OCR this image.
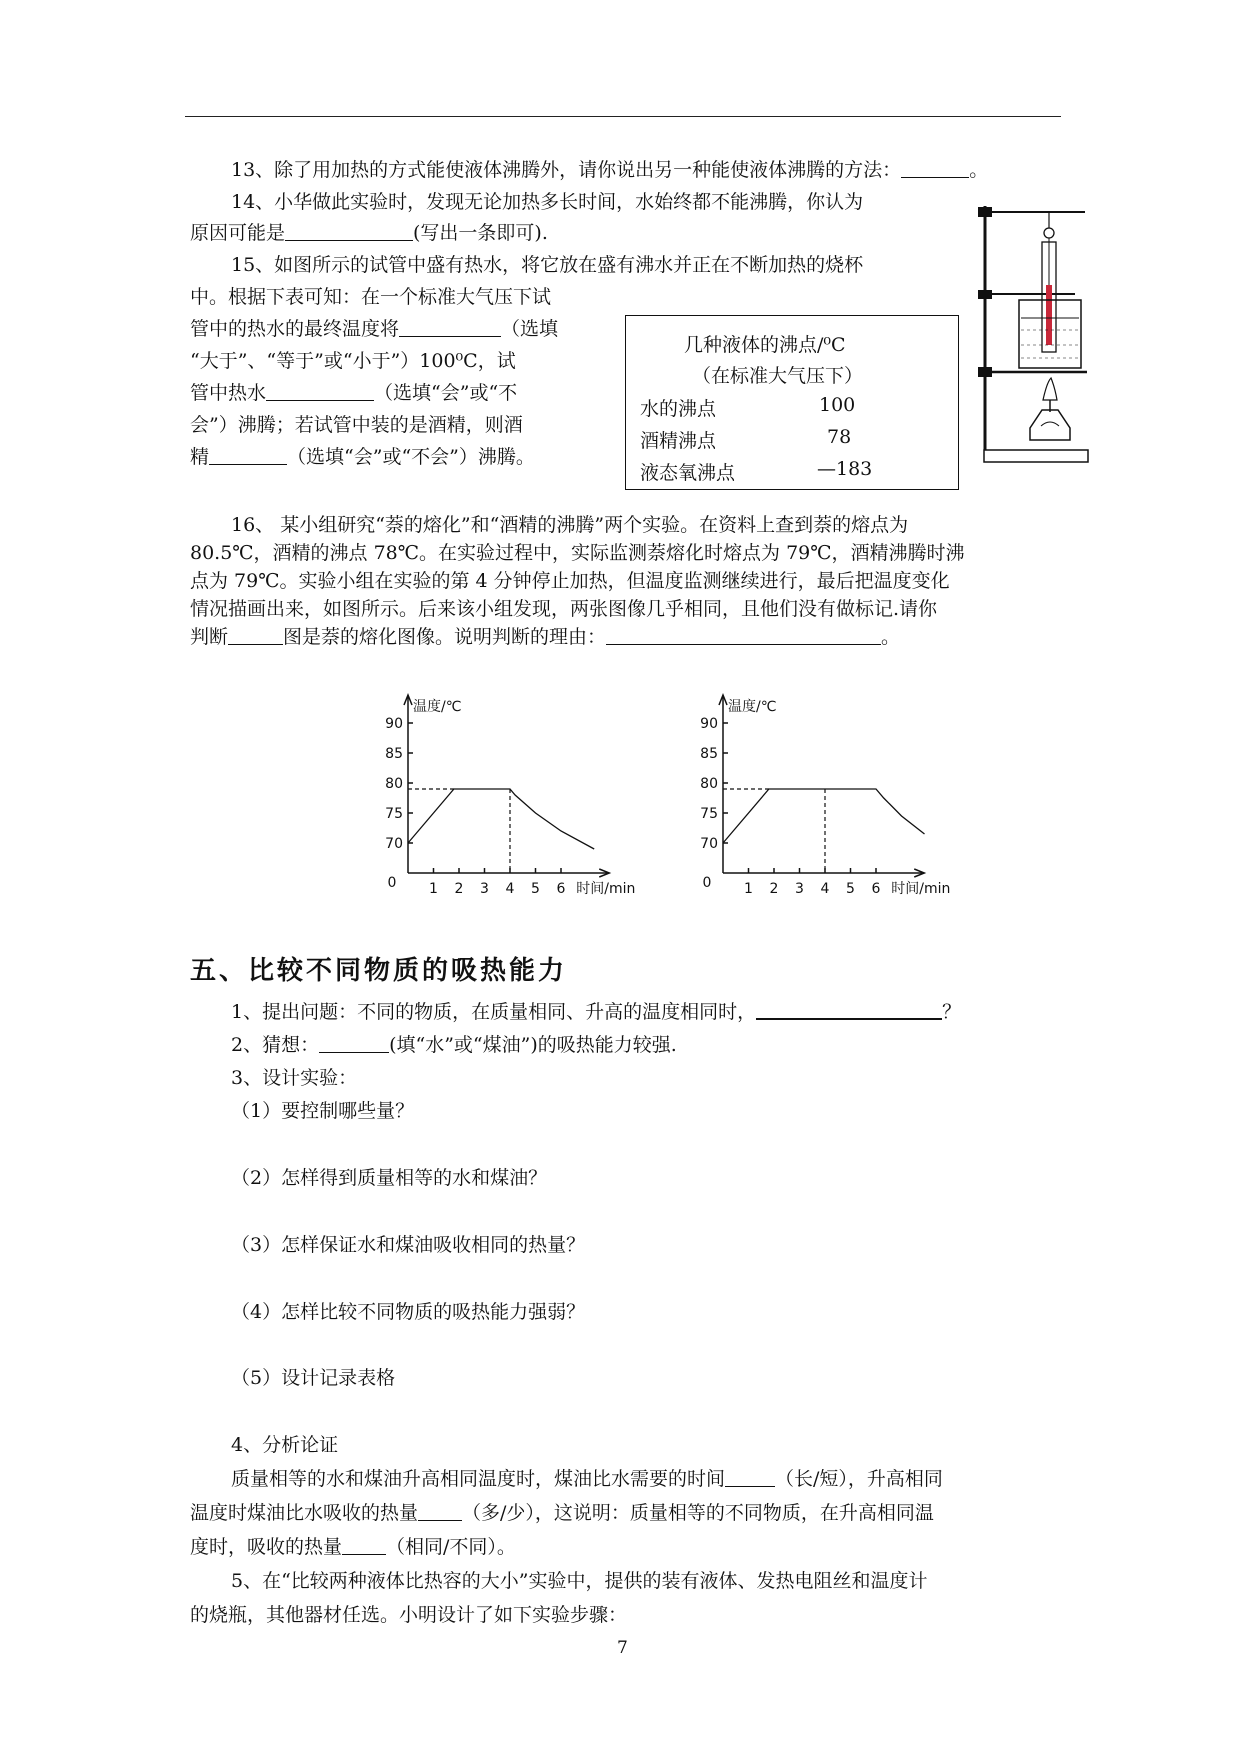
13、除了用加热的方式能使液体沸腾外，请你说出另一种能使液体沸腾的方法：	。
14、小华做此实验时，发现无论加热多长时间，水始终都不能沸腾，你认为
原因可能是	(写出一条即可).
15、如图所示的试管中盛有热水，将它放在盛有沸水并正在不断加热的烧杯
中。根据下表可知：在一个标准大气压下试
管中的热水的最终温度将	（选填
“大于”、“等于”或“小于”）100⁰C，试
管中热水	（选填“会”或“不
会”）沸腾；若试管中装的是酒精，则酒
精	（选填“会”或“不会”）沸腾。
几种液体的沸点/⁰C
（在标准大气压下）
水的沸点	100
酒精沸点	78
液态氧沸点	—183
16、 某小组研究“萘的熔化”和“酒精的沸腾”两个实验。在资料上查到萘的熔点为
80.5℃，酒精的沸点 78℃。在实验过程中，实际监测萘熔化时熔点为 79℃，酒精沸腾时沸
点为 79℃。实验小组在实验的第 4 分钟停止加热，但温度监测继续进行，最后把温度变化
情况描画出来，如图所示。后来该小组发现，两张图像几乎相同，且他们没有做标记.请你
判断	图是萘的熔化图像。说明判断的理由：	。
温度/℃
90
85
80
75
70
0 1 2 3 4 5 6 时间/min
温度/℃
90
85
80
75
70
0 1 2 3 4 5 6 时间/min
五、比较不同物质的吸热能力
1、提出问题：不同的物质，在质量相同、升高的温度相同时，	？
2、猜想：	(填“水”或“煤油”)的吸热能力较强.
3、设计实验：
（1）要控制哪些量？
（2）怎样得到质量相等的水和煤油？
（3）怎样保证水和煤油吸收相同的热量？
（4）怎样比较不同物质的吸热能力强弱？
（5）设计记录表格
4、分析论证
质量相等的水和煤油升高相同温度时，煤油比水需要的时间	（长/短），升高相同
温度时煤油比水吸收的热量 （多/少），这说明：质量相等的不同物质，在升高相同温
度时，吸收的热量 （相同/不同）。
5、在“比较两种液体比热容的大小”实验中，提供的装有液体、发热电阻丝和温度计
的烧瓶，其他器材任选。小明设计了如下实验步骤：
7
